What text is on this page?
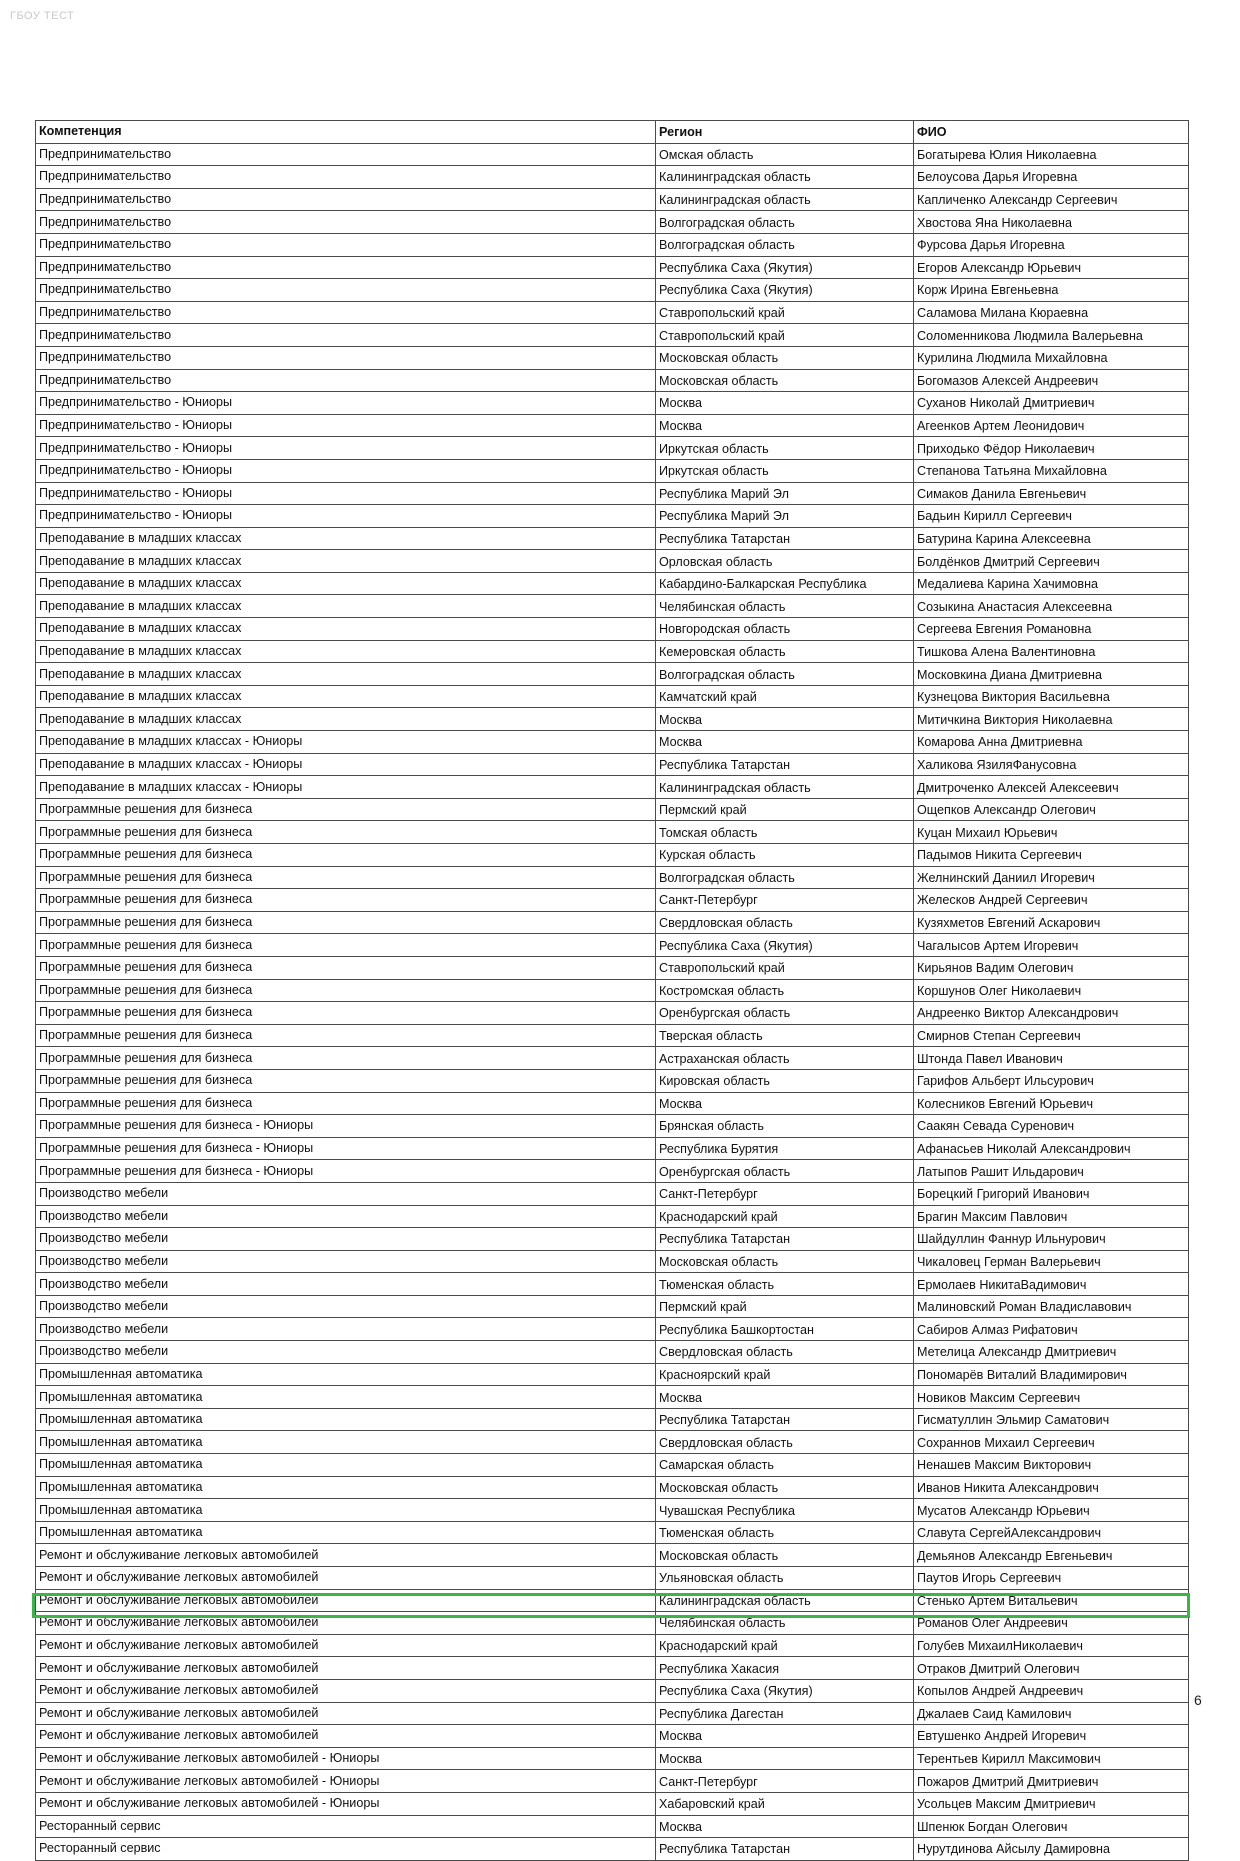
ГБОУ ТЕСТ
Компетенция	Регион	ФИО
Предпринимательство	Омская область	Богатырева Юлия Николаевна
Предпринимательство	Калининградская область	Белоусова Дарья Игоревна
Предпринимательство	Калининградская область	Капличенко Александр Сергеевич
Предпринимательство	Волгоградская область	Хвостова Яна Николаевна
Предпринимательство	Волгоградская область	Фурсова Дарья Игоревна
Предпринимательство	Республика Саха (Якутия)	Егоров Александр Юрьевич
Предпринимательство	Республика Саха (Якутия)	Корж Ирина Евгеньевна
Предпринимательство	Ставропольский край	Саламова Милана Кюраевна
Предпринимательство	Ставропольский край	Соломенникова Людмила Валерьевна
Предпринимательство	Московская область	Курилина Людмила Михайловна
Предпринимательство	Московская область	Богомазов Алексей Андреевич
Предпринимательство - Юниоры	Москва	Суханов Николай Дмитриевич
Предпринимательство - Юниоры	Москва	Агеенков Артем Леонидович
Предпринимательство - Юниоры	Иркутская область	Приходько Фёдор Николаевич
Предпринимательство - Юниоры	Иркутская область	Степанова Татьяна Михайловна
Предпринимательство - Юниоры	Республика Марий Эл	Симаков Данила Евгеньевич
Предпринимательство - Юниоры	Республика Марий Эл	Бадьин Кирилл Сергеевич
Преподавание в младших классах	Республика Татарстан	Батурина Карина Алексеевна
Преподавание в младших классах	Орловская область	Болдёнков Дмитрий Сергеевич
Преподавание в младших классах	Кабардино-Балкарская Республика	Медалиева Карина Хачимовна
Преподавание в младших классах	Челябинская область	Созыкина Анастасия Алексеевна
Преподавание в младших классах	Новгородская область	Сергеева Евгения Романовна
Преподавание в младших классах	Кемеровская область	Тишкова Алена Валентиновна
Преподавание в младших классах	Волгоградская область	Московкина Диана Дмитриевна
Преподавание в младших классах	Камчатский край	Кузнецова Виктория Васильевна
Преподавание в младших классах	Москва	Митичкина Виктория Николаевна
Преподавание в младших классах - Юниоры	Москва	Комарова Анна Дмитриевна
Преподавание в младших классах - Юниоры	Республика Татарстан	Халикова ЯзиляФануcовна
Преподавание в младших классах - Юниоры	Калининградская область	Дмитроченко Алексей Алексеевич
Программные решения для бизнеса	Пермский край	Ощепков Александр Олегович
Программные решения для бизнеса	Томская область	Куцан Михаил Юрьевич
Программные решения для бизнеса	Курская область	Падымов Никита Сергеевич
Программные решения для бизнеса	Волгоградская область	Желнинский Даниил Игоревич
Программные решения для бизнеса	Санкт-Петербург	Желесков Андрей Сергеевич
Программные решения для бизнеса	Свердловская область	Кузяхметов Евгений Аскарович
Программные решения для бизнеса	Республика Саха (Якутия)	Чагалысов Артем Игоревич
Программные решения для бизнеса	Ставропольский край	Кирьянов Вадим Олегович
Программные решения для бизнеса	Костромская область	Коршунов Олег Николаевич
Программные решения для бизнеса	Оренбургская область	Андреенко Виктор Александрович
Программные решения для бизнеса	Тверская область	Смирнов Степан Сергеевич
Программные решения для бизнеса	Астраханская область	Штонда Павел Иванович
Программные решения для бизнеса	Кировская область	Гарифов Альберт Ильсурович
Программные решения для бизнеса	Москва	Колесников Евгений Юрьевич
Программные решения для бизнеса - Юниоры	Брянская область	Саакян Севада Суренович
Программные решения для бизнеса - Юниоры	Республика Бурятия	Афанасьев Николай Александрович
Программные решения для бизнеса - Юниоры	Оренбургская область	Латыпов Рашит Ильдарович
Производство мебели	Санкт-Петербург	Борецкий Григорий Иванович
Производство мебели	Краснодарский край	Брагин Максим Павлович
Производство мебели	Республика Татарстан	Шайдуллин Фаннур Ильнурович
Производство мебели	Московская область	Чикаловец Герман Валерьевич
Производство мебели	Тюменская область	Ермолаев НикитаВадимович
Производство мебели	Пермский край	Малиновский Роман Владиславович
Производство мебели	Республика Башкортостан	Сабиров Алмаз Рифатович
Производство мебели	Свердловская область	Метелица Александр Дмитриевич
Промышленная автоматика	Красноярский край	Пономарёв Виталий Владимирович
Промышленная автоматика	Москва	Новиков Максим Сергеевич
Промышленная автоматика	Республика Татарстан	Гисматуллин Эльмир Саматович
Промышленная автоматика	Свердловская область	Сохраннов Михаил Сергеевич
Промышленная автоматика	Самарская область	Ненашев Максим Викторович
Промышленная автоматика	Московская область	Иванов Никита Александрович
Промышленная автоматика	Чувашская Республика	Мусатов Александр Юрьевич
Промышленная автоматика	Тюменская область	Славута СергейАлександрович
Ремонт и обслуживание легковых автомобилей	Московская область	Демьянов Александр Евгеньевич
Ремонт и обслуживание легковых автомобилей	Ульяновская область	Паутов Игорь Сергеевич
Ремонт и обслуживание легковых автомобилей	Калининградская область	Стенько Артем Витальевич
Ремонт и обслуживание легковых автомобилей	Челябинская область	Романов Олег Андреевич
Ремонт и обслуживание легковых автомобилей	Краснодарский край	Голубев МихаилНиколаевич
Ремонт и обслуживание легковых автомобилей	Республика Хакасия	Отраков Дмитрий Олегович
Ремонт и обслуживание легковых автомобилей	Республика Саха (Якутия)	Копылов Андрей Андреевич
Ремонт и обслуживание легковых автомобилей	Республика Дагестан	Джалаев Саид Камилович
Ремонт и обслуживание легковых автомобилей	Москва	Евтушенко Андрей Игоревич
Ремонт и обслуживание легковых автомобилей - Юниоры	Москва	Терентьев Кирилл Максимович
Ремонт и обслуживание легковых автомобилей - Юниоры	Санкт-Петербург	Пожаров Дмитрий Дмитриевич
Ремонт и обслуживание легковых автомобилей - Юниоры	Хабаровский край	Усольцев Максим Дмитриевич
Ресторанный сервис	Москва	Шпенюк Богдан Олегович
Ресторанный сервис	Республика Татарстан	Нурутдинова Айсылу Дамировна
6
